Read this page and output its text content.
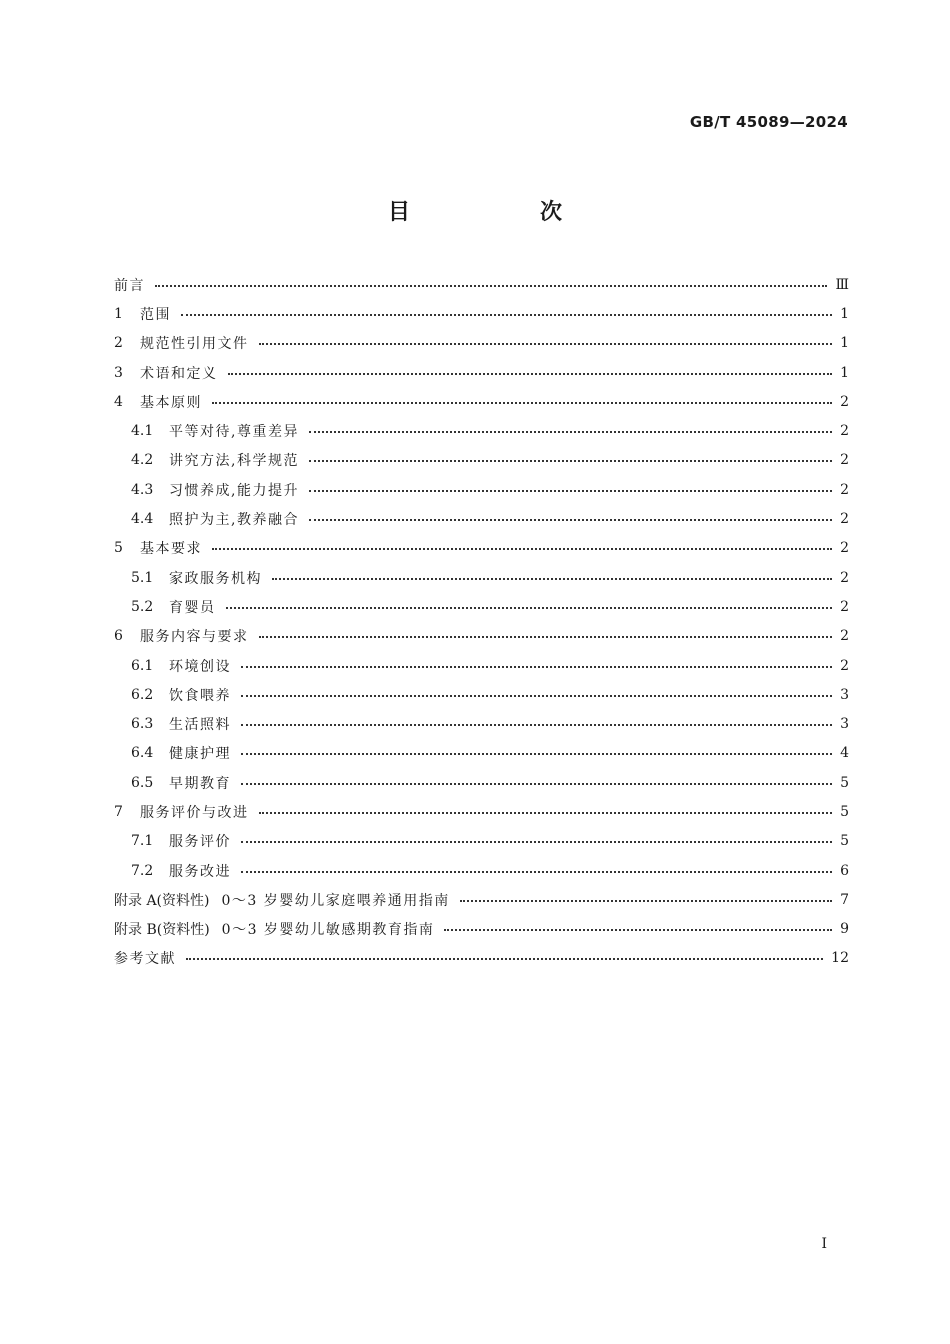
GB/T 45089—2024
目　次
前言	Ⅲ
1	范围	1
2	规范性引用文件	1
3	术语和定义	1
4	基本原则	2
4.1	平等对待,尊重差异	2
4.2	讲究方法,科学规范	2
4.3	习惯养成,能力提升	2
4.4	照护为主,教养融合	2
5	基本要求	2
5.1	家政服务机构	2
5.2	育婴员	2
6	服务内容与要求	2
6.1	环境创设	2
6.2	饮食喂养	3
6.3	生活照料	3
6.4	健康护理	4
6.5	早期教育	5
7	服务评价与改进	5
7.1	服务评价	5
7.2	服务改进	6
附录 A(资料性) 0～3 岁婴幼儿家庭喂养通用指南	7
附录 B(资料性) 0～3 岁婴幼儿敏感期教育指南	9
参考文献	12
I
